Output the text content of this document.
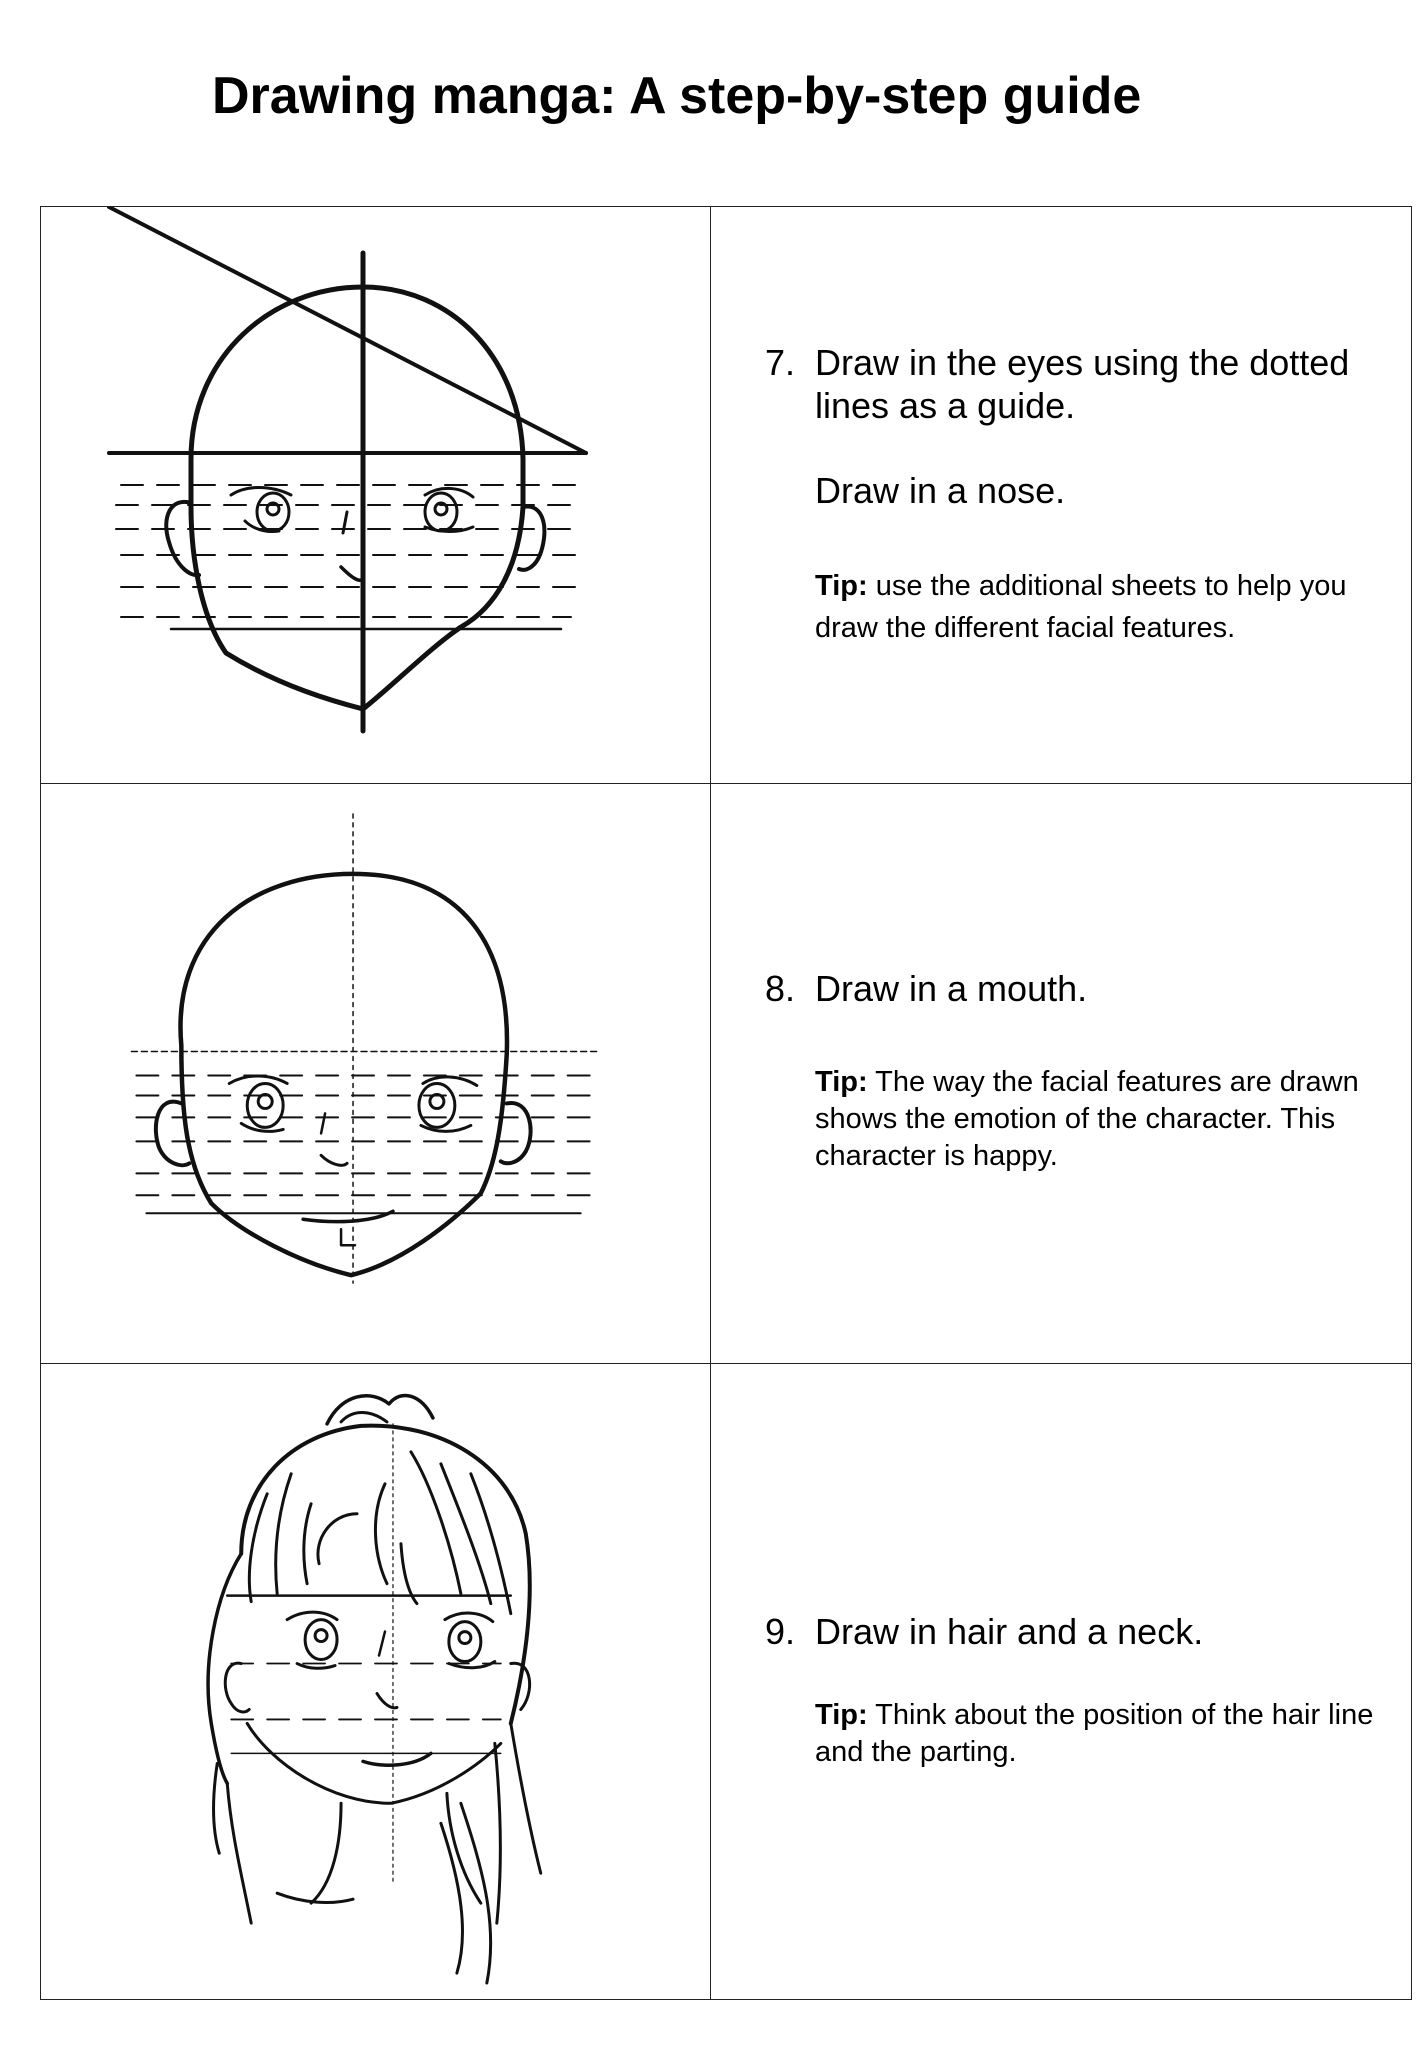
Drawing manga: A step-by-step guide
7. Draw in the eyes using the dotted lines as a guide.
Draw in a nose.
Tip: use the additional sheets to help you draw the different facial features.
8. Draw in a mouth.
Tip: The way the facial features are drawn shows the emotion of the character. This character is happy.
9. Draw in hair and a neck.
Tip: Think about the position of the hair line and the parting.
